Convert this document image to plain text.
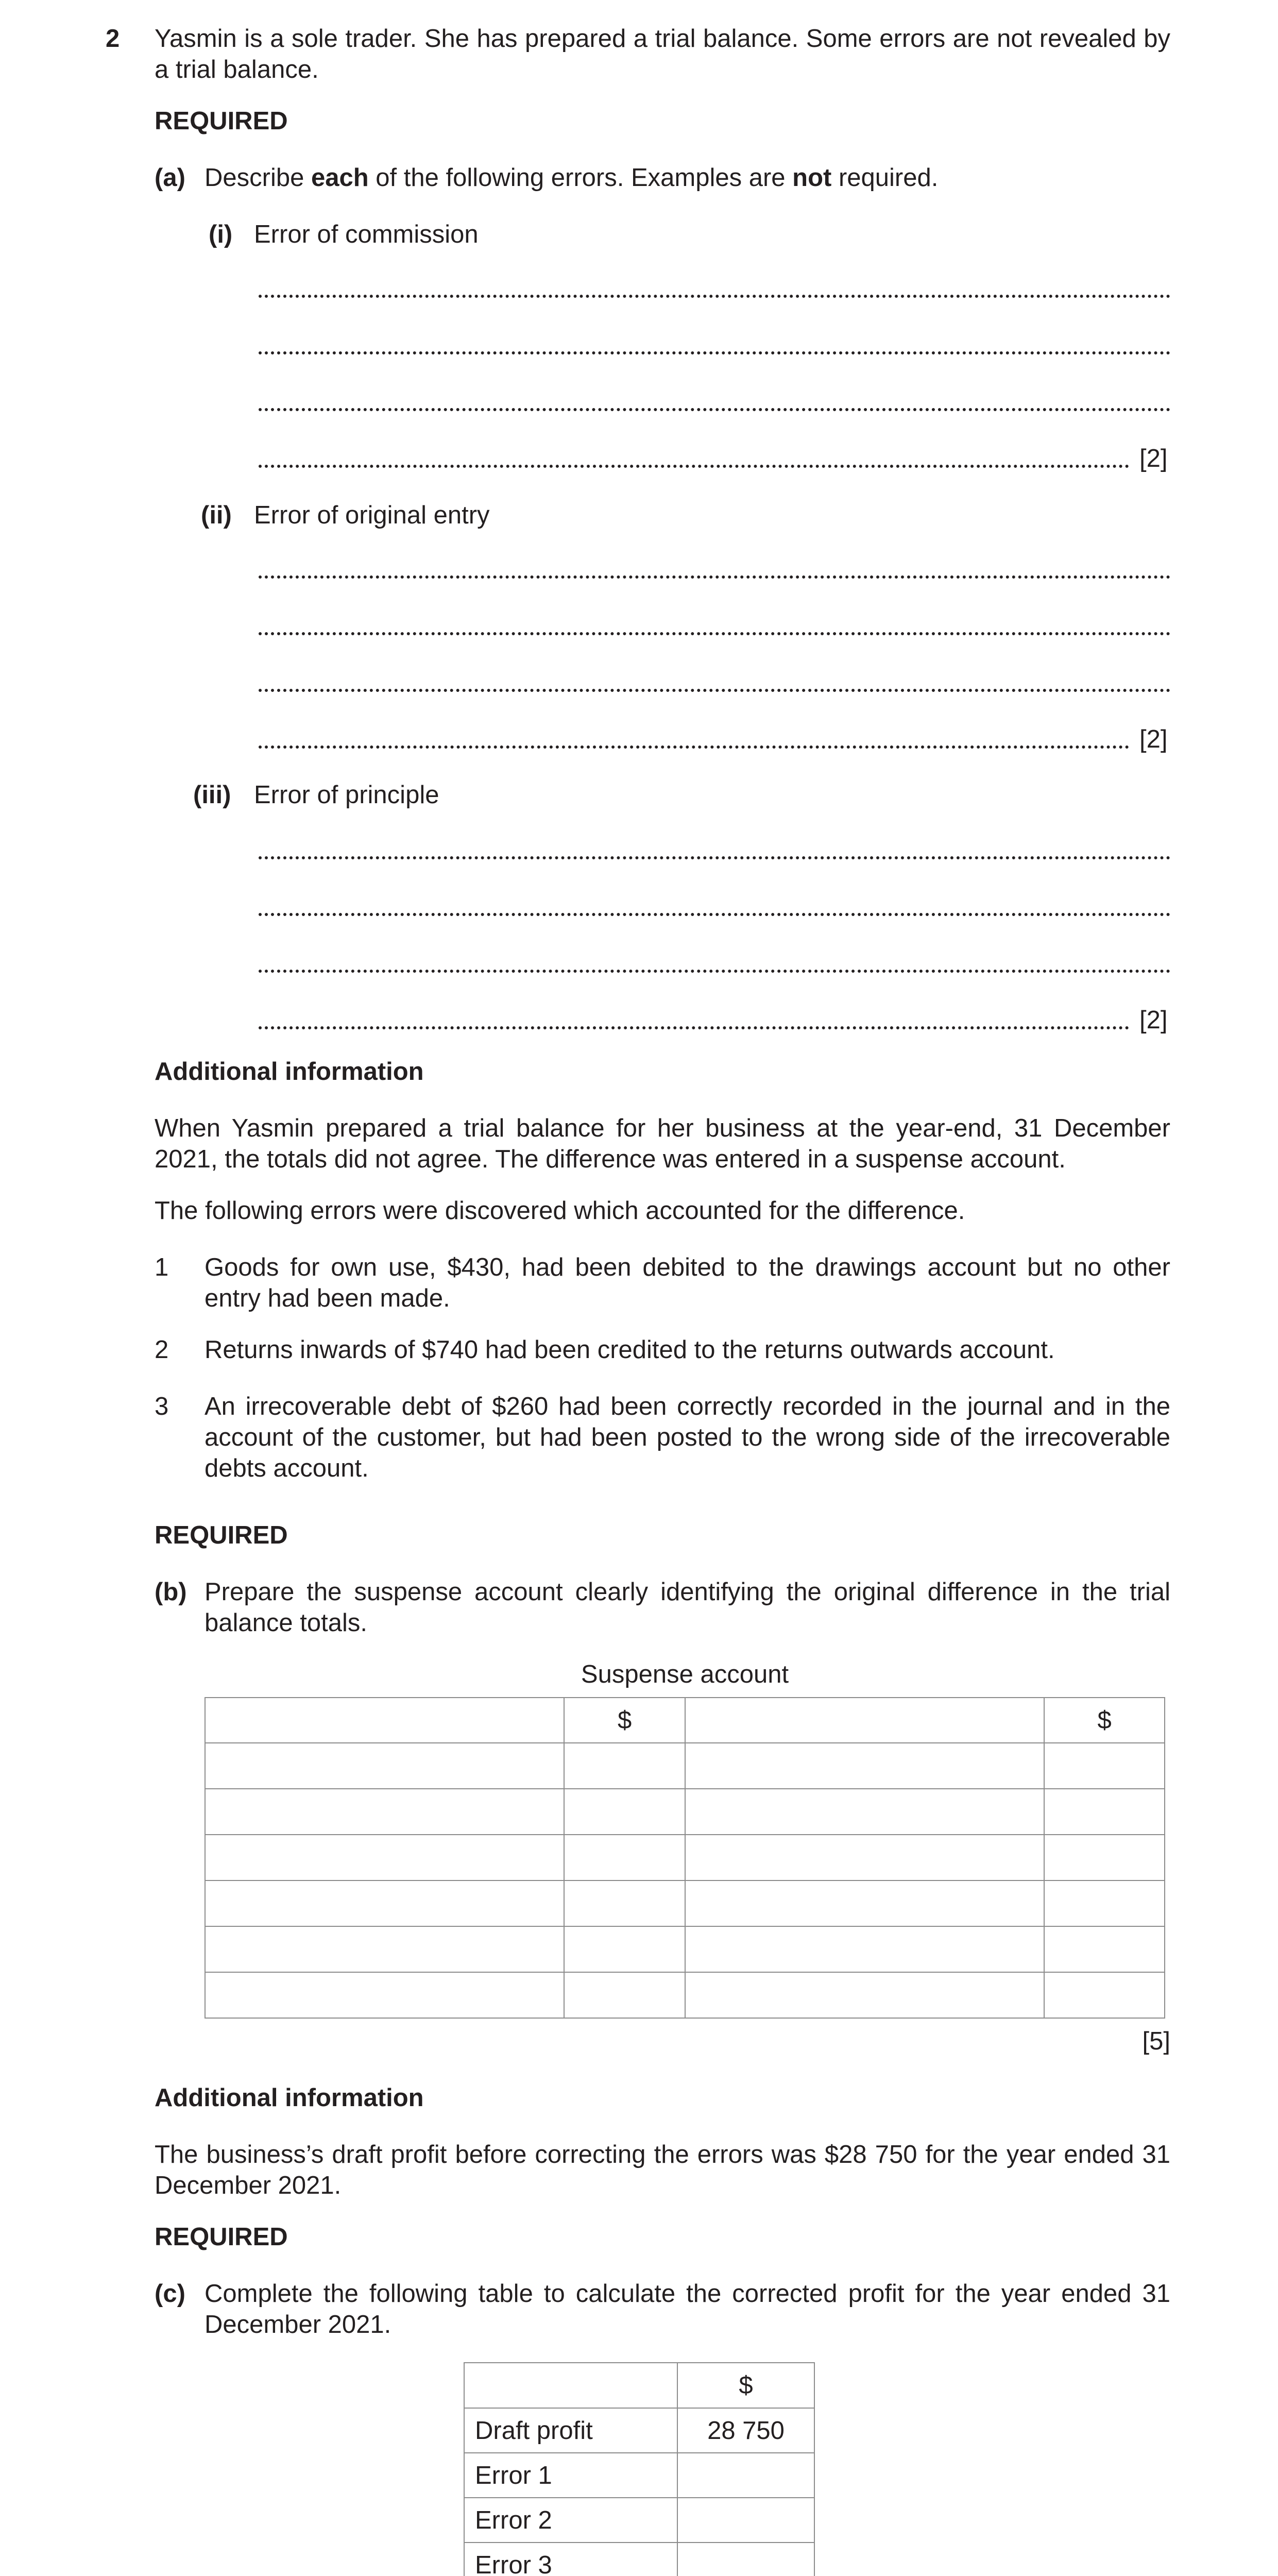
2 Yasmin is a sole trader. She has prepared a trial balance. Some errors are not revealed by a trial balance.
REQUIRED
(a) Describe each of the following errors. Examples are not required.
(i) Error of commission
[2]
(ii) Error of original entry
[2]
(iii) Error of principle
[2]
Additional information
When Yasmin prepared a trial balance for her business at the year-end, 31 December 2021, the totals did not agree. The difference was entered in a suspense account.
The following errors were discovered which accounted for the difference.
1 Goods for own use, $430, had been debited to the drawings account but no other entry had been made.
2 Returns inwards of $740 had been credited to the returns outwards account.
3 An irrecoverable debt of $260 had been correctly recorded in the journal and in the account of the customer, but had been posted to the wrong side of the irrecoverable debts account.
REQUIRED
(b) Prepare the suspense account clearly identifying the original difference in the trial balance totals.
Suspense account
	$		$

[5]
Additional information
The business’s draft profit before correcting the errors was $28 750 for the year ended 31 December 2021.
REQUIRED
(c) Complete the following table to calculate the corrected profit for the year ended 31 December 2021.
	$
Draft profit	28 750
Error 1	
Error 2	
Error 3	
